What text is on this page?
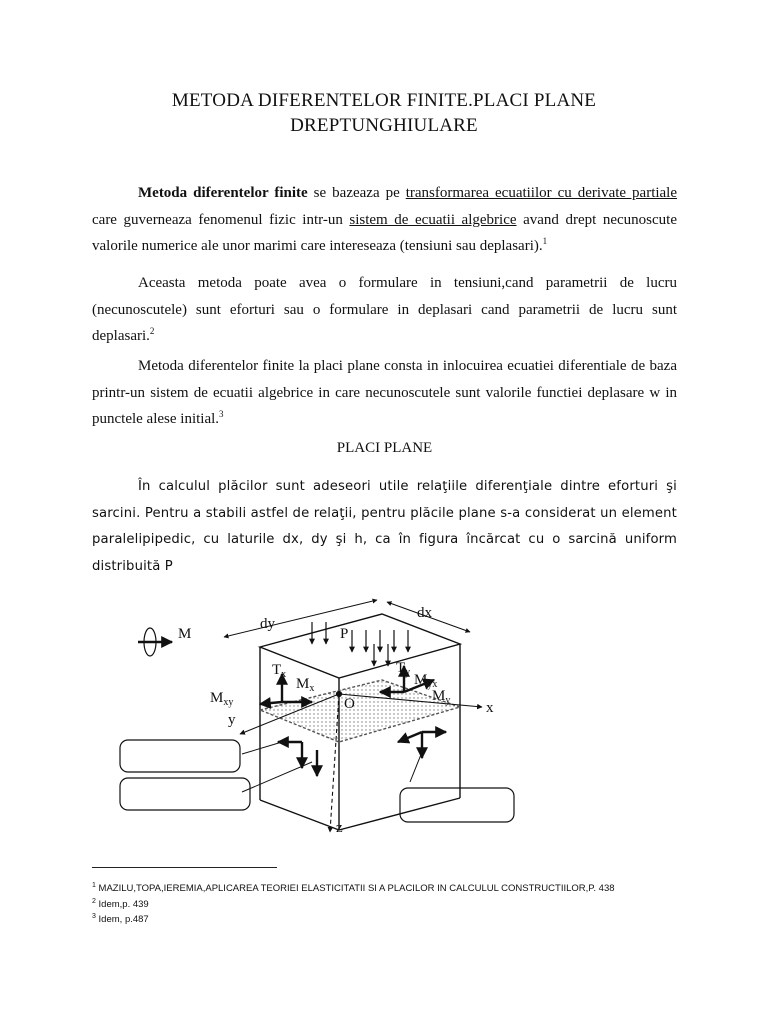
METODA DIFERENTELOR FINITE.PLACI PLANE
DREPTUNGHIULARE
Metoda diferentelor finite se bazeaza pe transformarea ecuatiilor cu derivate partiale care guverneaza fenomenul fizic intr-un sistem de ecuatii algebrice avand drept necunoscute valorile numerice ale unor marimi care intereseaza (tensiuni sau deplasari).$^1$
Aceasta metoda poate avea o formulare in tensiuni,cand parametrii de lucru (necunoscutele) sunt eforturi sau o formulare in deplasari cand parametrii de lucru sunt deplasari.$^2$
Metoda diferentelor finite la placi plane consta in inlocuirea ecuatiei diferentiale de baza printr-un sistem de ecuatii algebrice in care necunoscutele sunt valorile functiei deplasare w in punctele alese initial.$^3$
PLACI PLANE
În calculul plăcilor sunt adeseori utile relaţiile diferenţiale dintre eforturi şi sarcini. Pentru a stabili astfel de relaţii, pentru plăcile plane s-a considerat un element paralelipipedic, cu laturile dx, dy şi h, ca în figura încărcat cu o sarcină uniform distribuită P
dy
dx
P
M
O	x
y
z
$T_x$
$M_x$
$M_{xy}$
$T_y$ $M_{yx}$
$M_y$
$^1$ MAZILU,TOPA,IEREMIA,APLICAREA TEORIEI ELASTICITATII SI A PLACILOR IN CALCULUL CONSTRUCTIILOR,P. 438
$^2$ Idem,p. 439
$^3$ Idem, p.487
